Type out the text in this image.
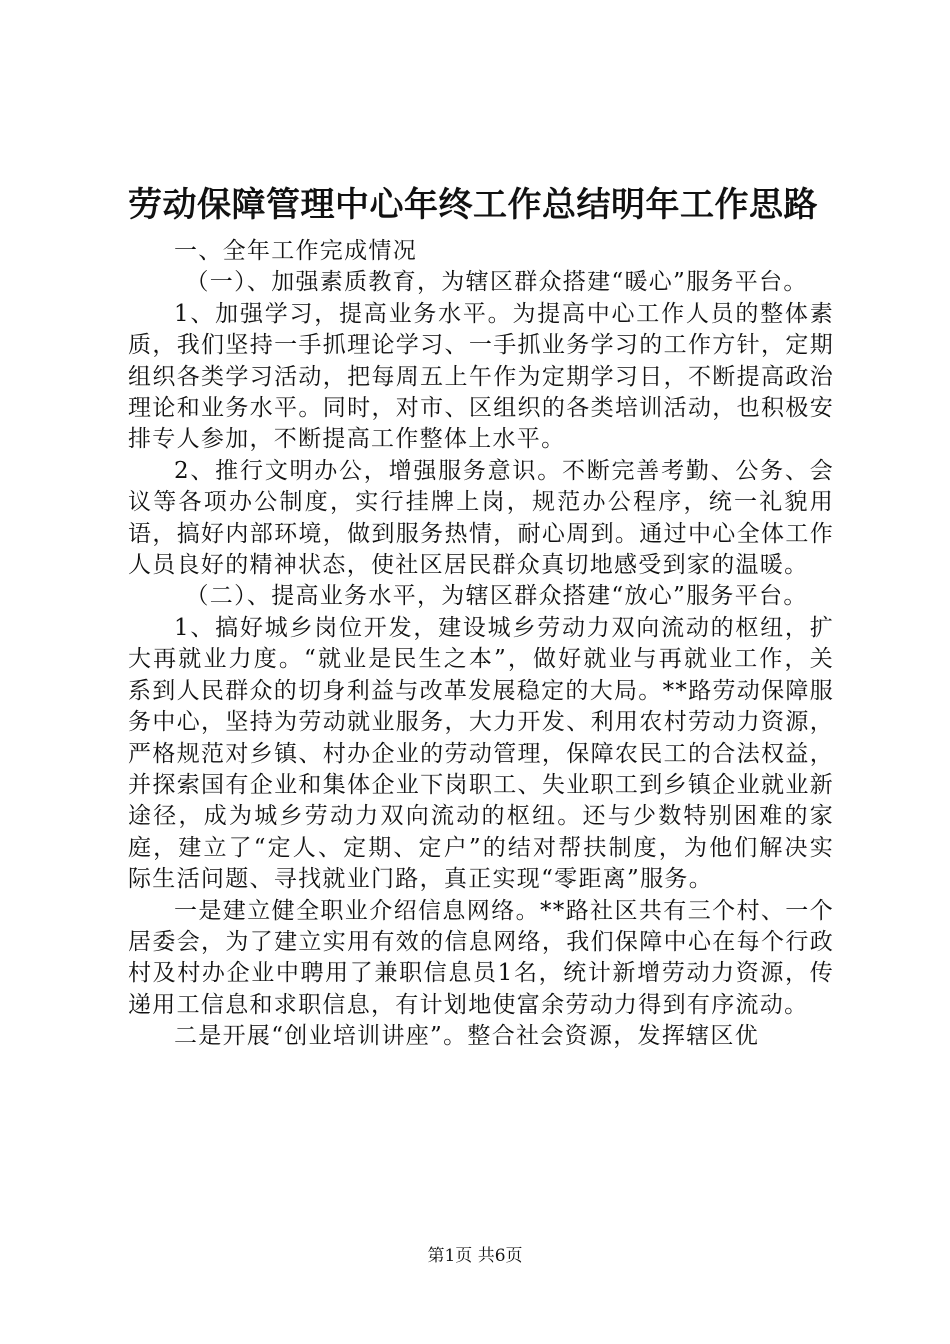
劳动保障管理中心年终工作总结明年工作思路

一、全年工作完成情况

（一）、加强素质教育，为辖区群众搭建“暖心”服务平台。

1、加强学习，提高业务水平。为提高中心工作人员的整体素质，我们坚持一手抓理论学习、一手抓业务学习的工作方针，定期组织各类学习活动，把每周五上午作为定期学习日，不断提高政治理论和业务水平。同时，对市、区组织的各类培训活动，也积极安排专人参加，不断提高工作整体上水平。

2、推行文明办公，增强服务意识。不断完善考勤、公务、会议等各项办公制度，实行挂牌上岗，规范办公程序，统一礼貌用语，搞好内部环境，做到服务热情，耐心周到。通过中心全体工作人员良好的精神状态，使社区居民群众真切地感受到家的温暖。

（二）、提高业务水平，为辖区群众搭建“放心”服务平台。

1、搞好城乡岗位开发，建设城乡劳动力双向流动的枢纽，扩大再就业力度。“就业是民生之本”，做好就业与再就业工作，关系到人民群众的切身利益与改革发展稳定的大局。**路劳动保障服务中心，坚持为劳动就业服务，大力开发、利用农村劳动力资源，严格规范对乡镇、村办企业的劳动管理，保障农民工的合法权益，并探索国有企业和集体企业下岗职工、失业职工到乡镇企业就业新途径，成为城乡劳动力双向流动的枢纽。还与少数特别困难的家庭，建立了“定人、定期、定户”的结对帮扶制度，为他们解决实际生活问题、寻找就业门路，真正实现“零距离”服务。

一是建立健全职业介绍信息网络。**路社区共有三个村、一个居委会，为了建立实用有效的信息网络，我们保障中心在每个行政村及村办企业中聘用了兼职信息员1名，统计新增劳动力资源，传递用工信息和求职信息，有计划地使富余劳动力得到有序流动。

二是开展“创业培训讲座”。整合社会资源，发挥辖区优

第1页 共6页
